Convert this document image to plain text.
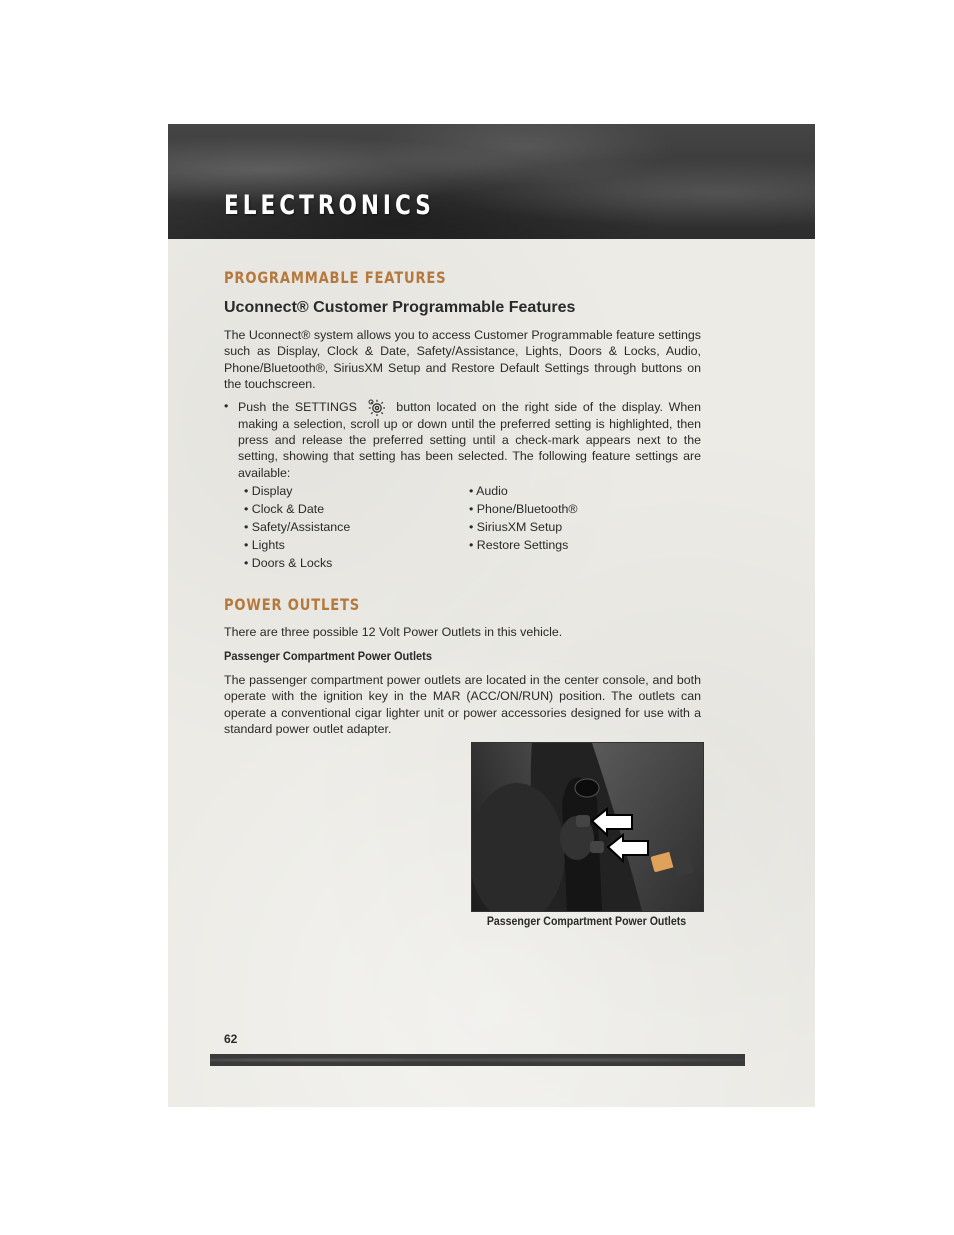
ELECTRONICS
PROGRAMMABLE FEATURES
Uconnect® Customer Programmable Features

The Uconnect® system allows you to access Customer Programmable feature settings such as Display, Clock & Date, Safety/Assistance, Lights, Doors & Locks, Audio, Phone/Bluetooth®, SiriusXM Setup and Restore Default Settings through buttons on the touchscreen.

• Push the SETTINGS	button located on the right side of the display. When making a selection, scroll up or down until the preferred setting is highlighted, then press and release the preferred setting until a check-mark appears next to the setting, showing that setting has been selected. The following feature settings are available:

• Display
• Clock & Date
• Safety/Assistance
• Lights
• Doors & Locks
• Audio
• Phone/Bluetooth®
• SiriusXM Setup
• Restore Settings
POWER OUTLETS

There are three possible 12 Volt Power Outlets in this vehicle.

Passenger Compartment Power Outlets

The passenger compartment power outlets are located in the center console, and both operate with the ignition key in the MAR (ACC/ON/RUN) position. The outlets can operate a conventional cigar lighter unit or power accessories designed for use with a standard power outlet adapter.

Passenger Compartment Power Outlets

62
